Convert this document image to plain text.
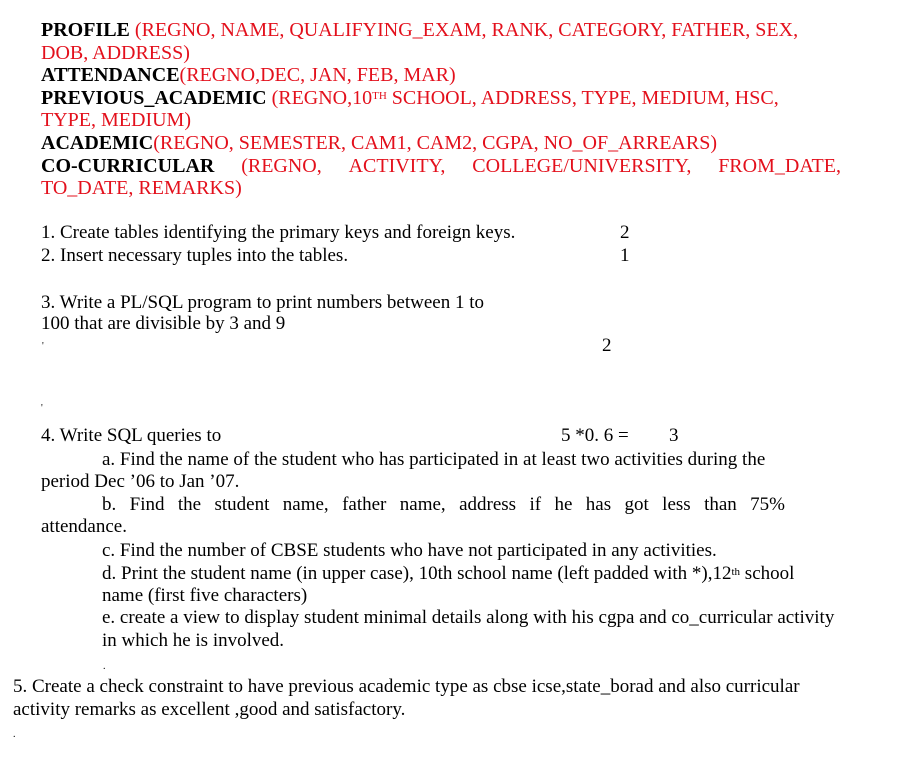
PROFILE (REGNO, NAME, QUALIFYING_EXAM, RANK, CATEGORY, FATHER, SEX,
DOB, ADDRESS)
ATTENDANCE(REGNO,DEC, JAN, FEB, MAR)
PREVIOUS_ACADEMIC (REGNO,10TH SCHOOL, ADDRESS, TYPE, MEDIUM, HSC,
TYPE, MEDIUM)
ACADEMIC(REGNO, SEMESTER, CAM1, CAM2, CGPA, NO_OF_ARREARS)
CO-CURRICULAR (REGNO, ACTIVITY, COLLEGE/UNIVERSITY, FROM_DATE,
TO_DATE, REMARKS)
1. Create tables identifying the primary keys and foreign keys.	2
2. Insert necessary tuples into the tables.	1
3. Write a PL/SQL program to print numbers between 1 to
100 that are divisible by 3 and 9
2
'
'
4. Write SQL queries to	5 *0. 6 = 3
a. Find the name of the student who has participated in at least two activities during the
period Dec ’06 to Jan ’07.
b. Find the student name, father name, address if he has got less than 75%
attendance.
c. Find the number of CBSE students who have not participated in any activities.
d. Print the student name (in upper case), 10th school name (left padded with *),12th school
name (first five characters)
e. create a view to display student minimal details along with his cgpa and co_curricular activity
in which he is involved.
.
5. Create a check constraint to have previous academic type as cbse icse,state_borad and also curricular
activity remarks as excellent ,good and satisfactory.
.
